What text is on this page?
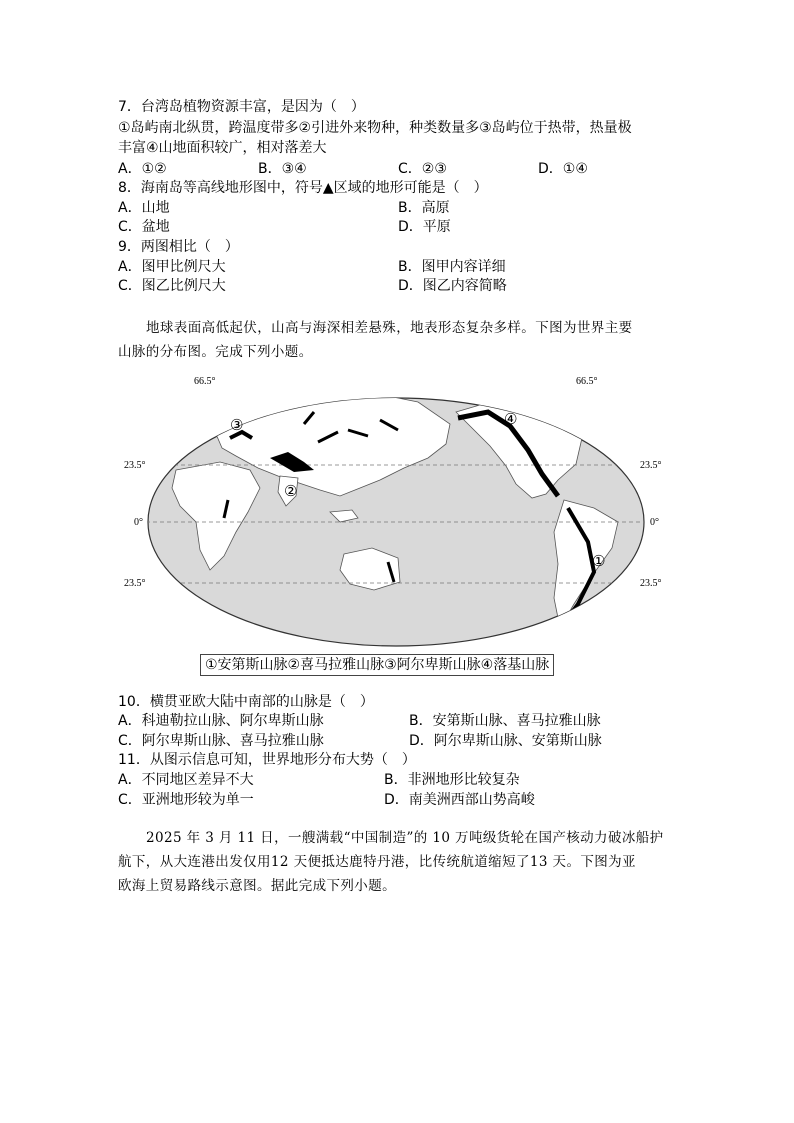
7．台湾岛植物资源丰富，是因为（　）
①岛屿南北纵贯，跨温度带多②引进外来物种，种类数量多③岛屿位于热带，热量极
丰富④山地面积较广，相对落差大
A．①②	B．③④	C．②③	D．①④
8．海南岛等高线地形图中，符号▲区域的地形可能是（　）
A．山地	B．高原
C．盆地	D．平原
9．两图相比（　）
A．图甲比例尺大	B．图甲内容详细
C．图乙比例尺大	D．图乙内容简略
地球表面高低起伏，山高与海深相差悬殊，地表形态复杂多样。下图为世界主要
山脉的分布图。完成下列小题。
66.5°	66.5°
23.5°	23.5°
0°	0°
23.5°	23.5°
①
②
③	④
①安第斯山脉②喜马拉雅山脉③阿尔卑斯山脉④落基山脉
10．横贯亚欧大陆中南部的山脉是（　）
A．科迪勒拉山脉、阿尔卑斯山脉	B．安第斯山脉、喜马拉雅山脉
C．阿尔卑斯山脉、喜马拉雅山脉	D．阿尔卑斯山脉、安第斯山脉
11．从图示信息可知，世界地形分布大势（　）
A．不同地区差异不大	B．非洲地形比较复杂
C．亚洲地形较为单一	D．南美洲西部山势高峻
2025 年 3 月 11 日，一艘满载“中国制造”的 10 万吨级货轮在国产核动力破冰船护
航下，从大连港出发仅用12 天便抵达鹿特丹港，比传统航道缩短了13 天。下图为亚
欧海上贸易路线示意图。据此完成下列小题。
